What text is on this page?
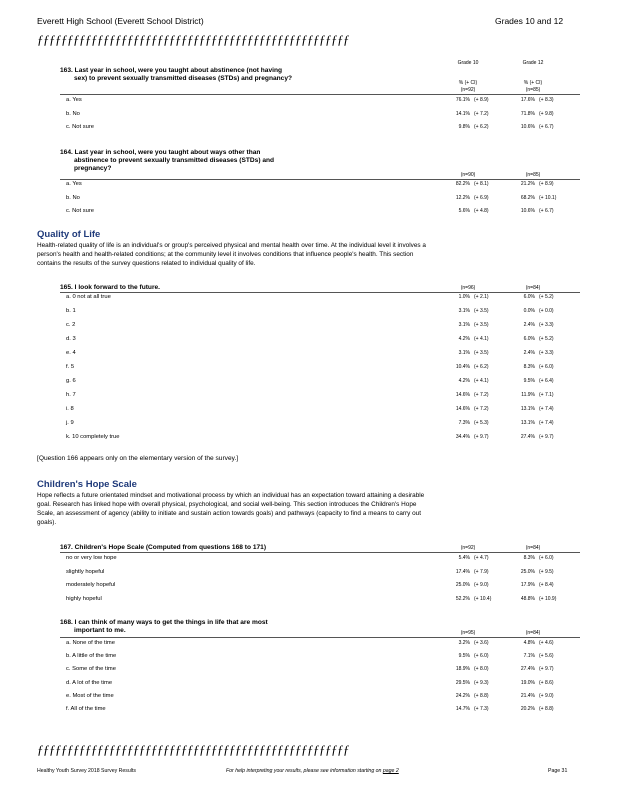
Everett High School (Everett School District)	Grades 10 and 12
ƒƒƒƒƒƒƒƒƒƒƒƒƒƒƒƒƒƒƒƒƒƒƒƒƒƒƒƒƒƒƒƒƒƒƒƒƒƒƒƒƒƒƒƒƒƒƒƒƒƒƒƒ
Grade 10	Grade 12
% (+ CI)	% (+ CI)
163. Last year in school, were you taught about abstinence (not having
sex) to prevent sexually transmitted diseases (STDs) and pregnancy?
(n=92)	(n=85)
164. Last year in school, were you taught about ways other than
abstinence to prevent sexually transmitted diseases (STDs) and
pregnancy?
(n=90)	(n=85)
Quality of Life
Health-related quality of life is an individual's or group's perceived physical and mental health over time. At the individual level it involves a
person's health and health-related conditions; at the community level it involves conditions that influence people's health. This section
contains the results of the survey questions related to individual quality of life.
165. I look forward to the future.	(n=96)	(n=84)
[Question 166 appears only on the elementary version of the survey.]
Children's Hope Scale
Hope reflects a future orientated mindset and motivational process by which an individual has an expectation toward attaining a desirable
goal. Research has linked hope with overall physical, psychological, and social well-being. This section introduces the Children's Hope
Scale, an assessment of agency (ability to initiate and sustain action towards goals) and pathways (capacity to find a means to carry out
goals).
167. Children's Hope Scale (Computed from questions 168 to 171)	(n=92)	(n=84)
168. I can think of many ways to get the things in life that are most
important to me.	(n=95)	(n=84)
ƒƒƒƒƒƒƒƒƒƒƒƒƒƒƒƒƒƒƒƒƒƒƒƒƒƒƒƒƒƒƒƒƒƒƒƒƒƒƒƒƒƒƒƒƒƒƒƒƒƒƒƒ
Healthy Youth Survey 2018 Survey Results	For help interpreting your results, please see information starting on page 2	Page 31
a. Yes	76.1% (+ 8.9)	17.6% (+ 8.3)
b. No	14.1% (+ 7.2)	71.8% (+ 9.8)
c. Not sure	9.8% (+ 6.2)	10.6% (+ 6.7)
a. Yes	82.2% (+ 8.1)	21.2% (+ 8.9)
b. No	12.2% (+ 6.9)	68.2% (+ 10.1)
c. Not sure	5.6% (+ 4.8)	10.6% (+ 6.7)
a. 0 not at all true	1.0% (+ 2.1)	6.0% (+ 5.2)
b. 1	3.1% (+ 3.5)	0.0% (+ 0.0)
c. 2	3.1% (+ 3.5)	2.4% (+ 3.3)
d. 3	4.2% (+ 4.1)	6.0% (+ 5.2)
e. 4	3.1% (+ 3.5)	2.4% (+ 3.3)
f. 5	10.4% (+ 6.2)	8.3% (+ 6.0)
g. 6	4.2% (+ 4.1)	9.5% (+ 6.4)
h. 7	14.6% (+ 7.2)	11.9% (+ 7.1)
i. 8	14.6% (+ 7.2)	13.1% (+ 7.4)
j. 9	7.3% (+ 5.3)	13.1% (+ 7.4)
k. 10 completely true	34.4% (+ 9.7)	27.4% (+ 9.7)
no or very low hope	5.4% (+ 4.7)	8.3% (+ 6.0)
slightly hopeful	17.4% (+ 7.9)	25.0% (+ 9.5)
moderately hopeful	25.0% (+ 9.0)	17.9% (+ 8.4)
highly hopeful	52.2% (+ 10.4)	48.8% (+ 10.9)
a. None of the time	3.2% (+ 3.6)	4.8% (+ 4.6)
b. A little of the time	9.5% (+ 6.0)	7.1% (+ 5.6)
c. Some of the time	18.9% (+ 8.0)	27.4% (+ 9.7)
d. A lot of the time	29.5% (+ 9.3)	19.0% (+ 8.6)
e. Most of the time	24.2% (+ 8.8)	21.4% (+ 9.0)
f. All of the time	14.7% (+ 7.3)	20.2% (+ 8.8)
